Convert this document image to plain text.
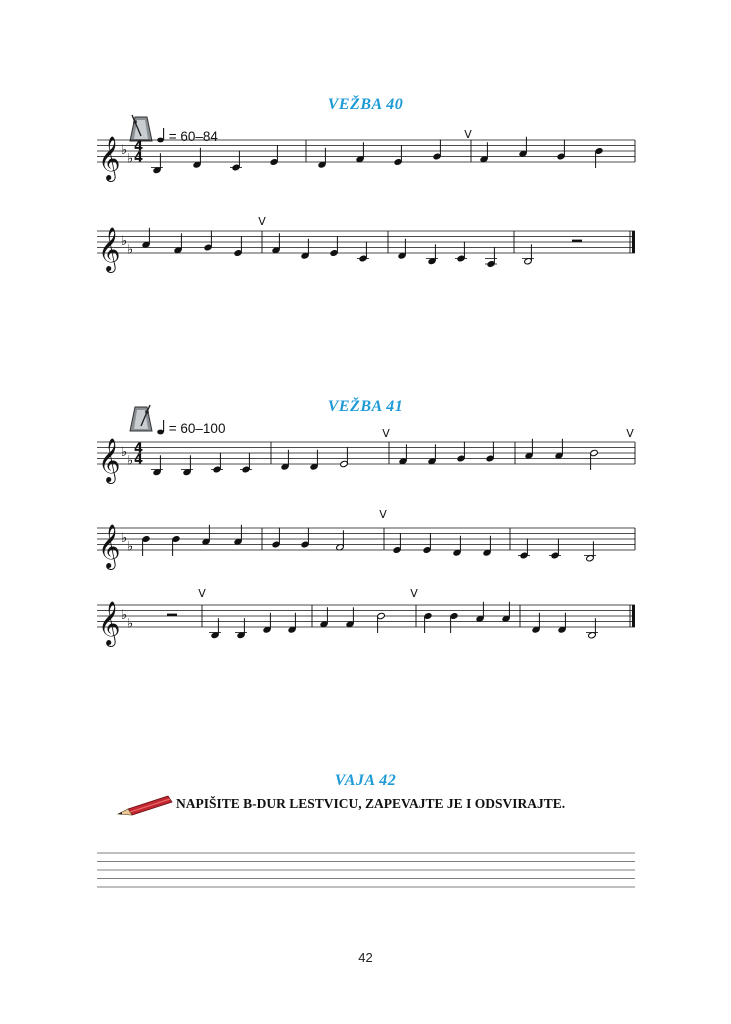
VEŽBA 40
VEŽBA 41
VAJA 42
= 60–84
= 60–100
NAPIŠITE B-DUR LESTVICU, ZAPEVAJTE JE I ODSVIRAJTE.
42
𝄞 ♭
♭
4
4
V
𝄞 ♭
♭
V
𝄞 ♭
♭
4
4
V	V
𝄞 ♭
♭
V
𝄞 ♭
♭
V	V
